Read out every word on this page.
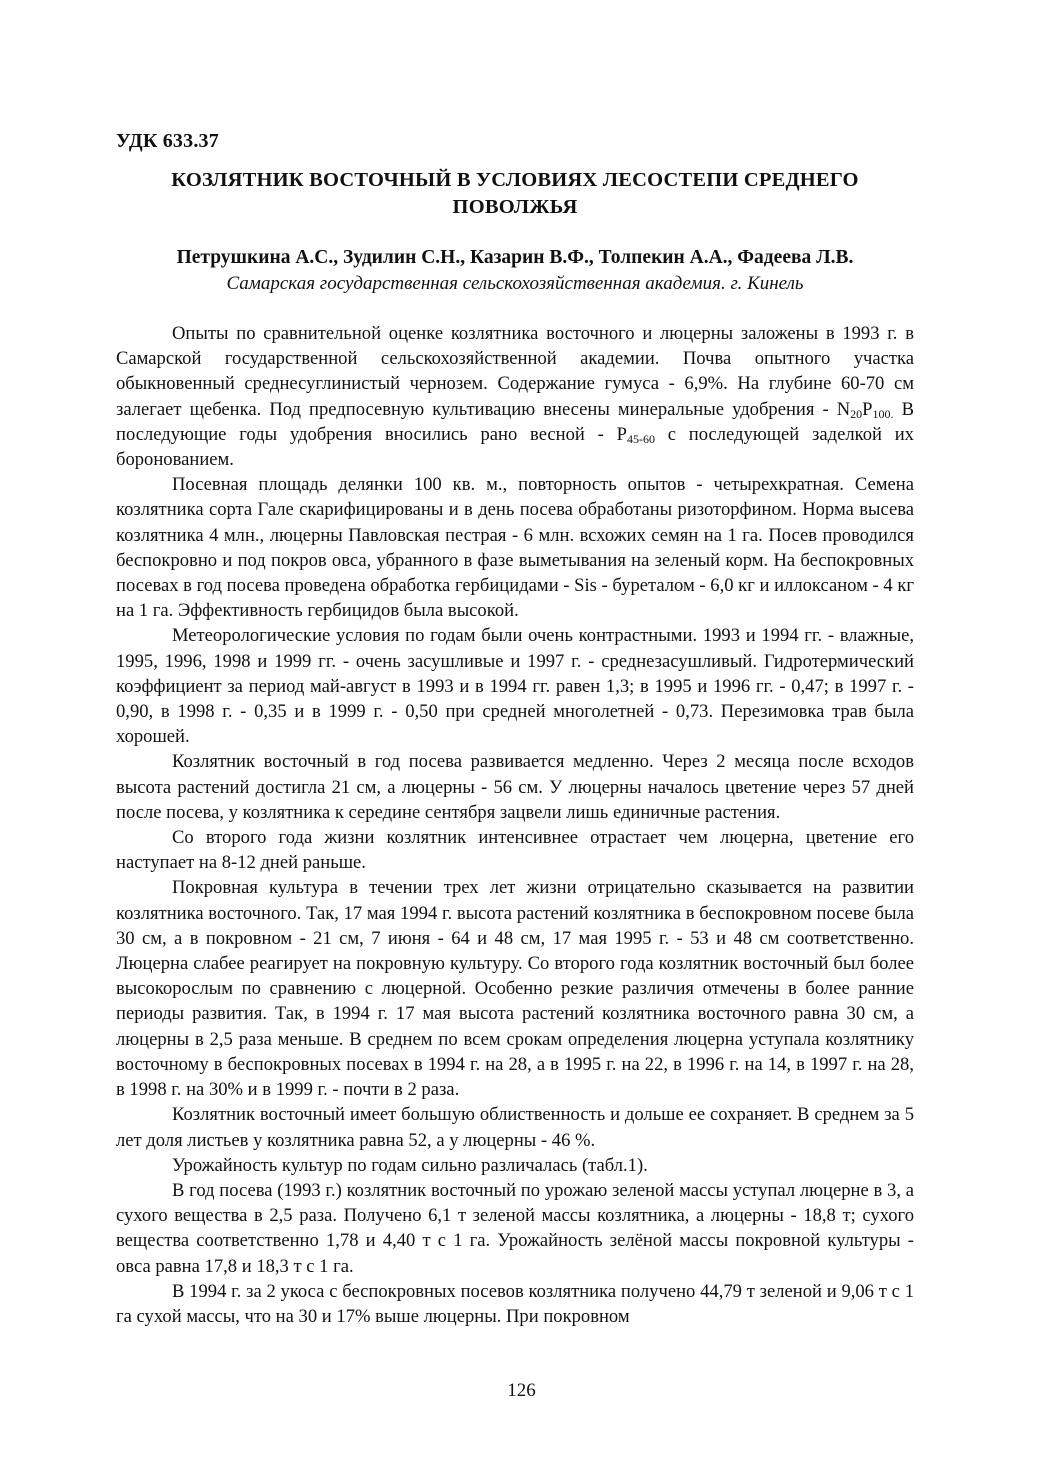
УДК 633.37
КОЗЛЯТНИК ВОСТОЧНЫЙ В УСЛОВИЯХ ЛЕСОСТЕПИ СРЕДНЕГО ПОВОЛЖЬЯ
Петрушкина А.С., Зудилин С.Н., Казарин В.Ф., Толпекин А.А., Фадеева Л.В.
Самарская государственная сельскохозяйственная академия. г. Кинель

Опыты по сравнительной оценке козлятника восточного и люцерны заложены в 1993 г. в Самарской государственной сельскохозяйственной академии. Почва опытного участка обыкновенный среднесуглинистый чернозем. Содержание гумуса - 6,9%. На глубине 60-70 см залегает щебенка. Под предпосевную культивацию внесены минеральные удобрения - $N_{20}P_{100.}$ В последующие годы удобрения вносились рано весной - $P_{45-60}$ с последующей заделкой их боронованием.

Посевная площадь делянки 100 кв. м., повторность опытов - четырехкратная. Семена козлятника сорта Гале скарифицированы и в день посева обработаны ризоторфином. Норма высева козлятника 4 млн., люцерны Павловская пестрая - 6 млн. всхожих семян на 1 га. Посев проводился беспокровно и под покров овса, убранного в фазе выметывания на зеленый корм. На беспокровных посевах в год посева проведена обработка гербицидами - Sis - буреталом - 6,0 кг и иллоксаном - 4 кг на 1 га. Эффективность гербицидов была высокой.

Метеорологические условия по годам были очень контрастными. 1993 и 1994 гг. - влажные, 1995, 1996, 1998 и 1999 гг. - очень засушливые и 1997 г. - среднезасушливый. Гидротермический коэффициент за период май-август в 1993 и в 1994 гг. равен 1,3; в 1995 и 1996 гг. - 0,47; в 1997 г. - 0,90, в 1998 г. - 0,35 и в 1999 г. - 0,50 при средней многолетней - 0,73. Перезимовка трав была хорошей.

Козлятник восточный в год посева развивается медленно. Через 2 месяца после всходов высота растений достигла 21 см, а люцерны - 56 см. У люцерны началось цветение через 57 дней после посева, у козлятника к середине сентября зацвели лишь единичные растения.

Со второго года жизни козлятник интенсивнее отрастает чем люцерна, цветение его наступает на 8-12 дней раньше.

Покровная культура в течении трех лет жизни отрицательно сказывается на развитии козлятника восточного. Так, 17 мая 1994 г. высота растений козлятника в беспокровном посеве была 30 см, а в покровном - 21 см, 7 июня - 64 и 48 см, 17 мая 1995 г. - 53 и 48 см соответственно. Люцерна слабее реагирует на покровную культуру. Со второго года козлятник восточный был более высокорослым по сравнению с люцерной. Особенно резкие различия отмечены в более ранние периоды развития. Так, в 1994 г. 17 мая высота растений козлятника восточного равна 30 см, а люцерны в 2,5 раза меньше. В среднем по всем срокам определения люцерна уступала козлятнику восточному в беспокровных посевах в 1994 г. на 28, а в 1995 г. на 22, в 1996 г. на 14, в 1997 г. на 28, в 1998 г. на 30% и в 1999 г. - почти в 2 раза.

Козлятник восточный имеет большую облиственность и дольше ее сохраняет. В среднем за 5 лет доля листьев у козлятника равна 52, а у люцерны - 46 %.

Урожайность культур по годам сильно различалась (табл.1).

В год посева (1993 г.) козлятник восточный по урожаю зеленой массы уступал люцерне в 3, а сухого вещества в 2,5 раза. Получено 6,1 т зеленой массы козлятника, а люцерны - 18,8 т; сухого вещества соответственно 1,78 и 4,40 т с 1 га. Урожайность зелёной массы покровной культуры - овса равна 17,8 и 18,3 т с 1 га.

В 1994 г. за 2 укоса с беспокровных посевов козлятника получено 44,79 т зеленой и 9,06 т с 1 га сухой массы, что на 30 и 17% выше люцерны. При покровном

126
